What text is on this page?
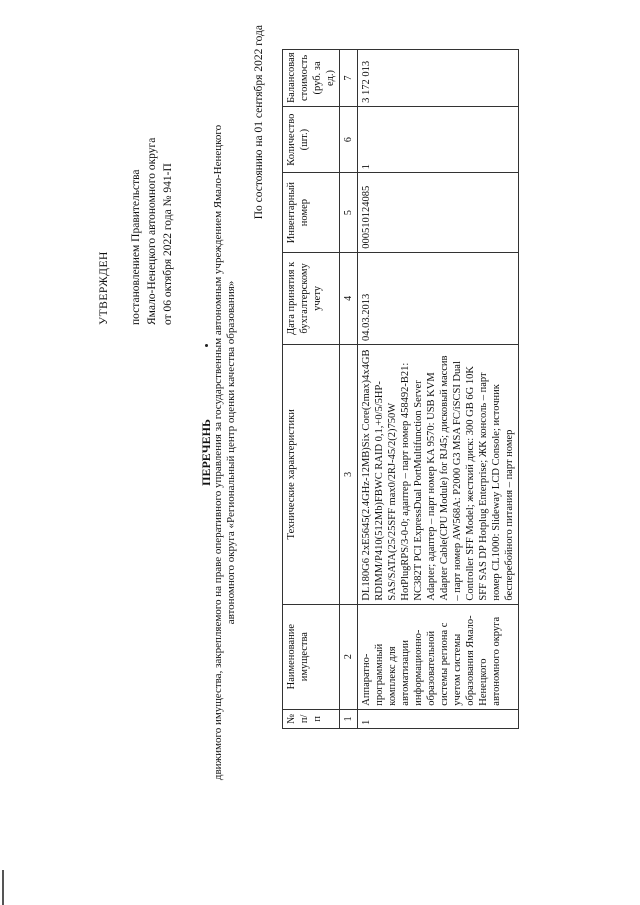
УТВЕРЖДЕН постановлением Правительства Ямало-Ненецкого автономного округа от 06 октября 2022 года № 941-П
ПЕРЕЧЕНЬ движимого имущества, закрепляемого на праве оперативного управления за государственным автономным учреждением Ямало-Ненецкого автономного округа «Региональный центр оценки качества образования»
По состоянию на 01 сентября 2022 года
№ п/п	Наименование имущества	Технические характеристики	Дата принятия к бухгалтерскому учету	Инвентарный номер	Количество (шт.)	Балансовая стоимость (руб. за ед.)
1	2	3	4	5	6	7
1	Аппаратно-программный комплекс для автоматизации информационно-образовательной системы региона с учетом системы образования Ямало-Ненецкого автономного округа	DL180G6 2xE5645(2.4GHz-12MB)Six Core(2max)4x4GB RDIMM/P410(512Mb)FBWC RAID 0,1,+0/5/5HP-SAS/SATA(25/25SFF max0/2RJ-45/2(2)750W HotPlugRPS/3-0-0; адаптер – парт номер 458492-B21: NC382T PCI ExpressDual PortMultifunction Server Adapter; адаптер – парт номер KA 9570: USB KVM Adapter Cable(CPU Module) for RJ45; дисковый массив – парт номер AW568A: P2000 G3 MSA FC/iSCSI Dual Controller SFF Model; жесткий диск: 300 GB 6G 10K SFF SAS DP Hotplug Enterprise; ЖК консоль – парт номер CL1000: Slideway LCD Console; источник бесперебойного питания – парт номер	04.03.2013	000510124085	1	3 172 013
